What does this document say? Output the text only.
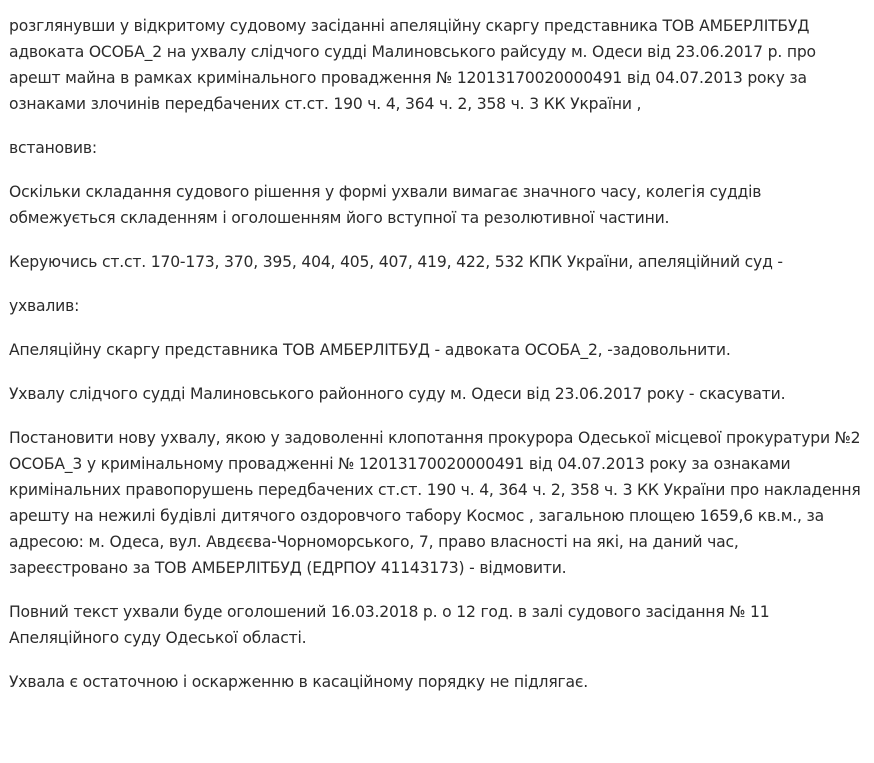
розглянувши у відкритому судовому засіданні апеляційну скаргу представника ТОВ АМБЕРЛІТБУД адвоката ОСОБА_2 на ухвалу слідчого судді Малиновського райсуду м. Одеси від 23.06.2017 р. про арешт майна в рамках кримінального провадження № 12013170020000491 від 04.07.2013 року за ознаками злочинів передбачених ст.ст. 190 ч. 4, 364 ч. 2, 358 ч. 3 КК України ,

встановив:

Оскільки складання судового рішення у формі ухвали вимагає значного часу, колегія суддів обмежується складенням і оголошенням його вступної та резолютивної частини.

Керуючись ст.ст. 170-173, 370, 395, 404, 405, 407, 419, 422, 532 КПК України, апеляційний суд -

ухвалив:

Апеляційну скаргу представника ТОВ АМБЕРЛІТБУД - адвоката ОСОБА_2, -задовольнити.

Ухвалу слідчого судді Малиновського районного суду м. Одеси від 23.06.2017 року - скасувати.

Постановити нову ухвалу, якою у задоволенні клопотання прокурора Одеської місцевої прокуратури №2 ОСОБА_3 у кримінальному провадженні № 12013170020000491 від 04.07.2013 року за ознаками кримінальних правопорушень передбачених ст.ст. 190 ч. 4, 364 ч. 2, 358 ч. 3 КК України про накладення арешту на нежилі будівлі дитячого оздоровчого табору Космос , загальною площею 1659,6 кв.м., за адресою: м. Одеса, вул. Авдєєва-Чорноморського, 7, право власності на які, на даний час, зареєстровано за ТОВ АМБЕРЛІТБУД (ЕДРПОУ 41143173) - відмовити.

Повний текст ухвали буде оголошений 16.03.2018 р. о 12 год. в залі судового засідання № 11 Апеляційного суду Одеської області.

Ухвала є остаточною і оскарженню в касаційному порядку не підлягає.
